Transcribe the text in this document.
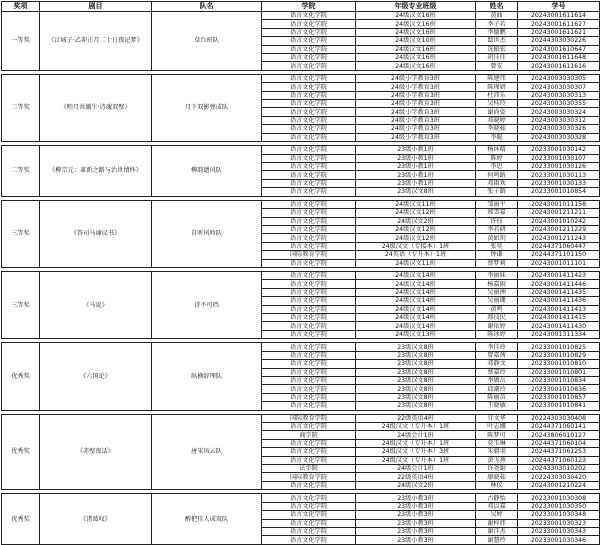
奖项	剧目	队名	学院	年级专业班级	姓名	学号
一等奖	《江城子·乙卯正月二十日夜记梦》	草台班队	语言文化学院	24级汉文16班	黄曲	20243001611614
			语言文化学院	24级汉文16班	李子若	20243001611627
			语言文化学院	24级汉文16班	李德鹏	20243001611621
			语言文化学院	24级汉文10班	邸世杰	20244303030226
			语言文化学院	24级汉文16班	冼振宏	20243001610647
			语言文化学院	24级汉文16班	胡佳佳	20243001611648
			语言文化学院	24级汉文16班	曾安	20243001611616

二等奖	《明月共潮生·诗魂双璧》	月下双影弹成队	语言文化学院	24级小学教育3班	陈建伟	20243003030305
			语言文化学院	24级小学教育3班	陈瑾妍	20243003030307
			语言文化学院	24级小学教育3班	杜沛乐	20243003030313
			语言文化学院	24级小学教育3班	吴桂玲	20243003030355
			语言文化学院	24级小学教育3班	谢尚姿	20243003030324
			语言文化学院	24级小学教育3班	邓晓婷	20243003030312
			语言文化学院	24级小学教育3班	李晓茹	20243003030326
			语言文化学院	24级小学教育3班	李聪	20243003030328

二等奖	《柳宗元：革新之路与治世情怀》	柳韵遗风队	语言文化学院	23级小教1班	杨沐晴	20233001030142
			语言文化学院	23级小教1班	陈婷	20233001030107
			语言文化学院	23级小教1班	李思	20233001030126
			语言文化学院	23级小教1班	何鸣路	20233001030113
			语言文化学院	23级小教1班	邓雨欢	20233001030133
			语言文化学院	23级汉文8班	张子路	20233001010854

三等奖	《答司马谏议书》	自听风吟队	语言文化学院	24级汉文11班	邹丽平	20243001011158
			语言文化学院	24级汉文12班	郑雪嘉	20243001211211
			语言文化学院	24级汉文2班	许钰	20243001010242
			语言文化学院	24级汉文12班	李若研	20243001211229
			语言文化学院	24级汉文12班	黄如玥	20243001211243
			语言文化学院	24级汉文（专接本）1班	张奕	20244371060447
			国际教育学院	24英语（专升本）1班	钟谦	20244371101150
			语言文化学院	24级汉文11班	蔡梦莉	20243001011101

三等奖	《马说》	诗不可挡	语言文化学院	24级汉文14班	李丽妹	20243001411423
			语言文化学院	24级汉文14班	杨嘉雨	20243001411446
			语言文化学院	24级汉文14班	吴丽洲	20243001411435
			语言文化学院	24级汉文14班	吴丽珊	20243001411436
			语言文化学院	24级汉文14班	黄鸣	20243001411413
			语言文化学院	24级汉文14班	郑技民	20243001411415
			语言文化学院	24级汉文14班	谢依婷	20243001411430
			语言文化学院	24级汉文13班	陈冰婷	20243001311334

优秀奖	《六国论》	纵横辞理队	语言文化学院	23级汉文8班	李佳玲	20233001010825
			语言文化学院	23级汉文8班	曾嘉茜	20233001010829
			语言文化学院	23级汉文8班	邓静文	20233001010810
			语言文化学院	23级汉文8班	蔡嘉玲	20233001010801
			语言文化学院	23级汉文8班	李敏岳	20233001010834
			语言文化学院	23级汉文8班	邱潮玲	20233001010836
			语言文化学院	23级汉文8班	陈丽苗	20233001010857
			语言文化学院	23级汉文8班	王晓敏	20233001010841

优秀奖	《赤壁夜话》	唐宋风云队	国际教育学院	22级英语4班	甘文华	20224303030408
			语言文化学院	24级汉文（专升本）1班	叶志娜	20244371060141
			商学院	24级会计1班	陈梦可	20243806010127
			语言文化学院	24级汉文（专升本）1班	莫玉琳	20244371060104
			语言文化学院	24级汉文（专升本）3班	朱毅羽	20244371061253
			语言文化学院	24级汉文（专升本）1班	黄飞燕	20244371060123
			法学院	24级会计1班	许尧娟	20243303010202
			国际教育学院	22级英语4班	廖晓茹	20224303030420
			语言文化学院	24级汉文2班	林仪	20243001210224

优秀奖	《诸葛叹》	醉把佳人成双队	语言文化学院	23级小教3班	古静怡	20233001030308
			语言文化学院	23级小教3班	邓以嘉	20233001030350
			语言文化学院	23级小教3班	吴婷	20233001030348
			语言文化学院	23级小教3班	谢梓炜	20233001030323
			语言文化学院	23级小教3班	谢洋杰	20233001030343
			语言文化学院	23级小教3班	谢慧玲	20233001030346
